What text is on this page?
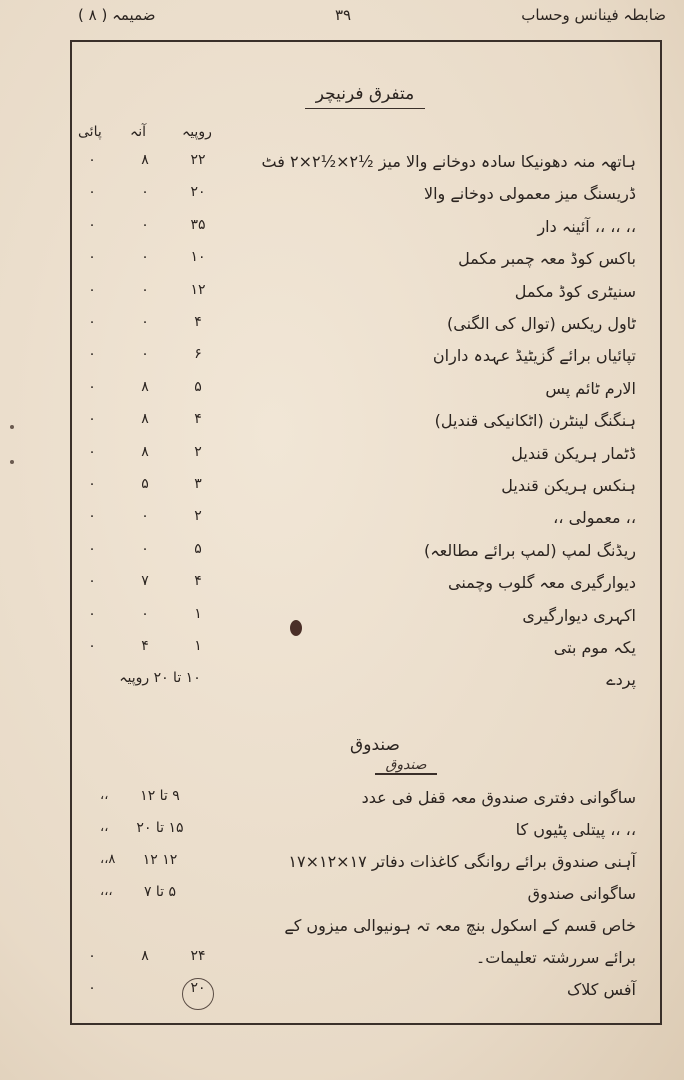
ضابطہ فینانس وحساب
۳۹
ضمیمہ ( ۸ )
متفرق فرنیچر
روپیہ
آنہ
پائی
ہاتھہ منہ دھونیکا سادہ دوخانے والا میز ½۲×½۲×۲ فٹ
۲۲
۸
٠
ڈریسنگ میز معمولی دوخانے والا
۲٠
٠
٠
،، ،، ،، آئینہ دار
۳۵
٠
٠
باکس کوڈ معہ چمبر مکمل
۱٠
٠
٠
سنیٹری کوڈ مکمل
۱۲
٠
٠
ٹاول ریکس (توال کی الگنی)
۴
٠
٠
تپائیاں برائے گزیٹیڈ عہدہ داران
۶
٠
٠
الارم ٹائم پس
۵
۸
٠
ہنگنگ لینٹرن (اٹکانیکی قندیل)
۴
۸
٠
ڈٹمار ہریکن قندیل
۲
۸
٠
ہنکس ہریکن قندیل
۳
۵
٠
،، معمولی ،،
۲
٠
٠
ریڈنگ لمپ (لمپ برائے مطالعہ)
۵
٠
٠
دیوارگیری معہ گلوب وچمنی
۴
۷
٠
اکہری دیوارگیری
۱
٠
٠
یکہ موم بتی
۱
۴
٠
پردے
۱٠ تا ۲٠ روپیہ
صندوق
صندوق
ساگوانی دفتری صندوق معہ قفل فی عدد
۹ تا ۱۲
،،
،، ،، پیتلی پٹیوں کا
۱۵ تا ۲٠
،،
آہنی صندوق برائے روانگی کاغذات دفاتر ۱۷×۱۲×۱۷
۱۲ ۱۲
۸،،
ساگوانی صندوق
۵ تا ۷
،،،
خاص قسم کے اسکول بنچ معہ تہ ہونیوالی میزوں کے
برائے سررشتہ تعلیمات۔
۲۴
۸
٠
آفس کلاک
۲٠
٠
